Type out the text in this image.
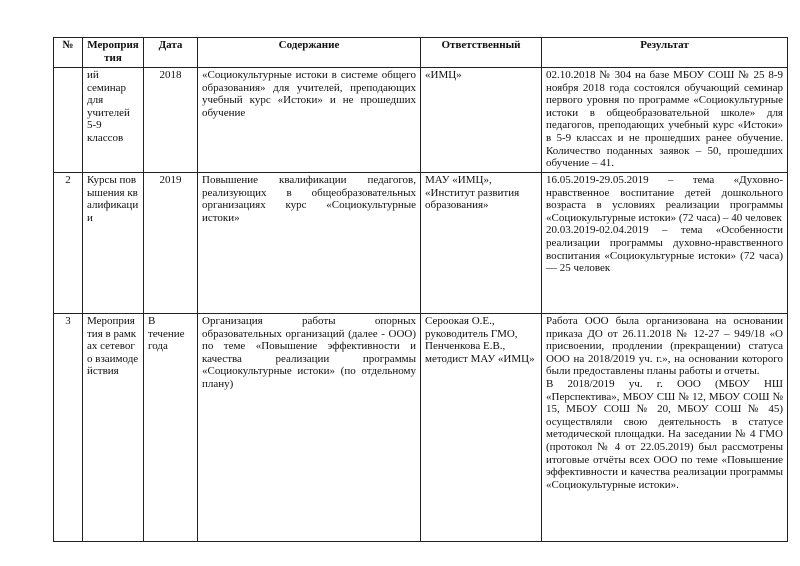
№	Мероприятия	Дата	Содержание	Ответственный	Результат
	ий семинар для учителей 5-9 классов	2018	«Социокультурные истоки в системе общего образования» для учителей, преподающих учебный курс «Истоки» и не прошедших обучение	«ИМЦ»	02.10.2018 № 304 на базе МБОУ СОШ № 25 8-9 ноября 2018 года состоялся обучающий семинар первого уровня по программе «Социокультурные истоки в общеобразовательной школе» для педагогов, преподающих учебный курс «Истоки» в 5-9 классах и не прошедших ранее обучение. Количество поданных заявок – 50, прошедших обучение – 41.

2	Курсы повышения квалификации	2019	Повышение квалификации педагогов, реализующих в общеобразовательных организациях курс «Социокультурные истоки»	МАУ «ИМЦ», «Институт развития образования»	16.05.2019-29.05.2019 – тема «Духовно-нравственное воспитание детей дошкольного возраста в условиях реализации программы «Социокультурные истоки» (72 часа) – 40 человек

20.03.2019-02.04.2019 – тема «Особенности реализации программы духовно-нравственного воспитания «Социокультурные истоки» (72 часа) — 25 человек

3	Мероприятия в рамках сетевого взаимодействия	В течение года	Организация работы опорных образовательных организаций (далее - ООО) по теме «Повышение эффективности и качества реализации программы «Социокультурные истоки» (по отдельному плану)	Сероокая О.Е., руководитель ГМО, Пенченкова Е.В., методист МАУ «ИМЦ»	Работа ООО была организована на основании приказа ДО от 26.11.2018 № 12-27 – 949/18 «О присвоении, продлении (прекращении) статуса ООО на 2018/2019 уч. г.», на основании которого были предоставлены планы работы и отчеты.

В 2018/2019 уч. г. ООО (МБОУ НШ «Перспектива», МБОУ СШ № 12, МБОУ СОШ № 15, МБОУ СОШ № 20, МБОУ СОШ № 45) осуществляли свою деятельность в статусе методической площадки. На заседании № 4 ГМО (протокол № 4 от 22.05.2019) был рассмотрены итоговые отчёты всех ООО по теме «Повышение эффективности и качества реализации программы «Социокультурные истоки».
